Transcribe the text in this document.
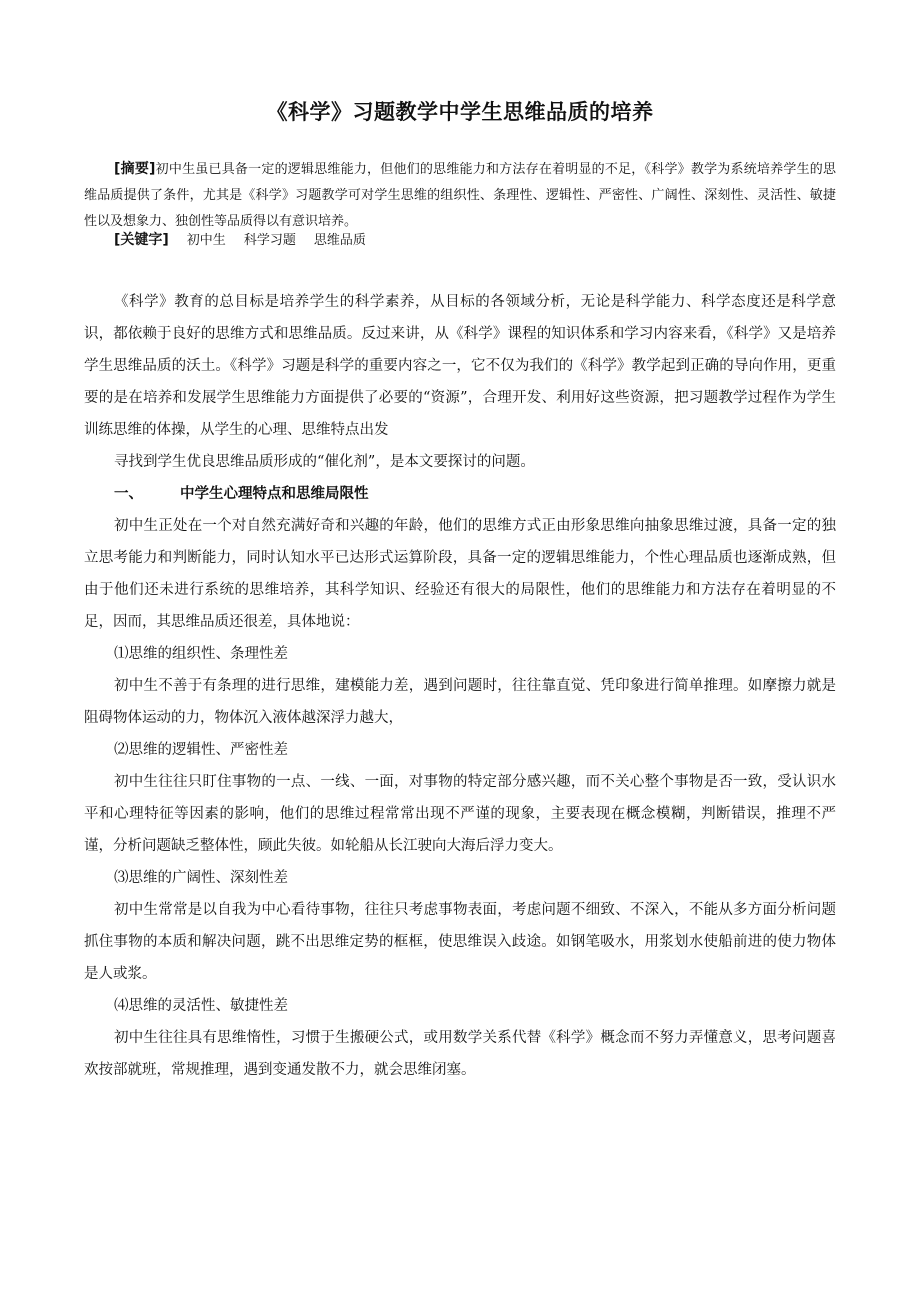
《科学》习题教学中学生思维品质的培养
[摘要]初中生虽已具备一定的逻辑思维能力，但他们的思维能力和方法存在着明显的不足，《科学》教学为系统培养学生的思维品质提供了条件，尤其是《科学》习题教学可对学生思维的组织性、条理性、逻辑性、严密性、广阔性、深刻性、灵活性、敏捷性以及想象力、独创性等品质得以有意识培养。
[关键字] 初中生 科学习题 思维品质

《科学》教育的总目标是培养学生的科学素养，从目标的各领域分析，无论是科学能力、科学态度还是科学意识，都依赖于良好的思维方式和思维品质。反过来讲，从《科学》课程的知识体系和学习内容来看，《科学》又是培养学生思维品质的沃土。《科学》习题是科学的重要内容之一，它不仅为我们的《科学》教学起到正确的导向作用，更重要的是在培养和发展学生思维能力方面提供了必要的“资源”，合理开发、利用好这些资源，把习题教学过程作为学生训练思维的体操，从学生的心理、思维特点出发

寻找到学生优良思维品质形成的“催化剂”，是本文要探讨的问题。

一、	中学生心理特点和思维局限性

初中生正处在一个对自然充满好奇和兴趣的年龄，他们的思维方式正由形象思维向抽象思维过渡，具备一定的独立思考能力和判断能力，同时认知水平已达形式运算阶段，具备一定的逻辑思维能力，个性心理品质也逐渐成熟，但由于他们还未进行系统的思维培养，其科学知识、经验还有很大的局限性，他们的思维能力和方法存在着明显的不足，因而，其思维品质还很差，具体地说：

⑴思维的组织性、条理性差

初中生不善于有条理的进行思维，建模能力差，遇到问题时，往往靠直觉、凭印象进行简单推理。如摩擦力就是阻碍物体运动的力，物体沉入液体越深浮力越大，

⑵思维的逻辑性、严密性差

初中生往往只盯住事物的一点、一线、一面，对事物的特定部分感兴趣，而不关心整个事物是否一致，受认识水平和心理特征等因素的影响，他们的思维过程常常出现不严谨的现象，主要表现在概念模糊，判断错误，推理不严谨，分析问题缺乏整体性，顾此失彼。如轮船从长江驶向大海后浮力变大。

⑶思维的广阔性、深刻性差

初中生常常是以自我为中心看待事物，往往只考虑事物表面，考虑问题不细致、不深入，不能从多方面分析问题抓住事物的本质和解决问题，跳不出思维定势的框框，使思维误入歧途。如钢笔吸水，用浆划水使船前进的使力物体是人或浆。

⑷思维的灵活性、敏捷性差

初中生往往具有思维惰性，习惯于生搬硬公式，或用数学关系代替《科学》概念而不努力弄懂意义，思考问题喜欢按部就班，常规推理，遇到变通发散不力，就会思维闭塞。
